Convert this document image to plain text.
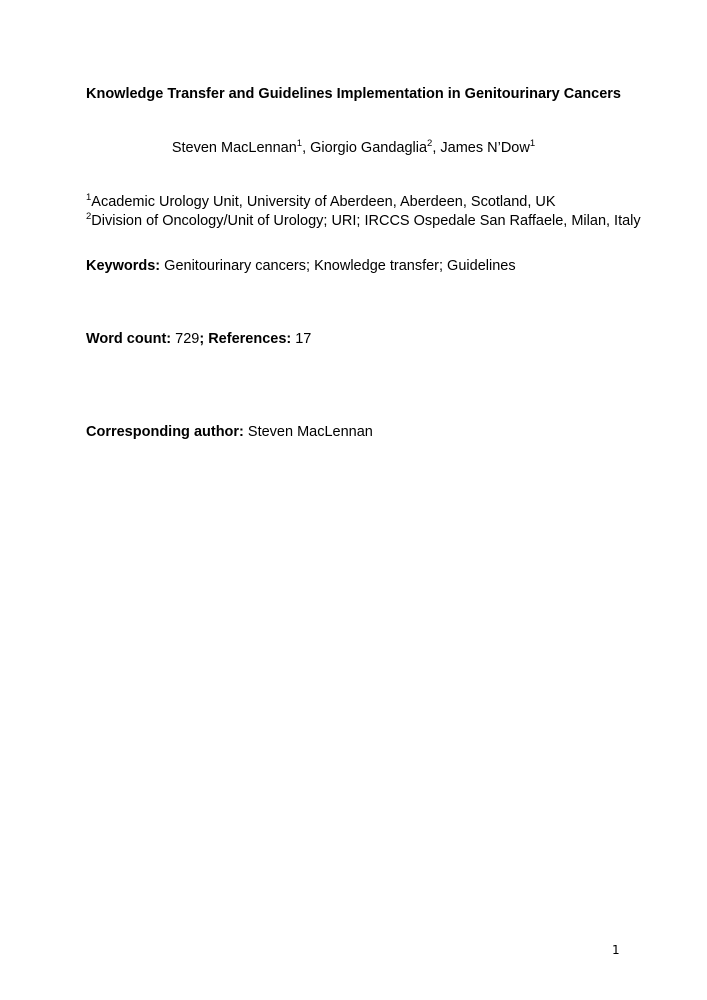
Knowledge Transfer and Guidelines Implementation in Genitourinary Cancers
Steven MacLennan$^1$, Giorgio Gandaglia$^2$, James N’Dow$^1$
$^1$Academic Urology Unit, University of Aberdeen, Aberdeen, Scotland, UK
$^2$Division of Oncology/Unit of Urology; URI; IRCCS Ospedale San Raffaele, Milan, Italy
Keywords: Genitourinary cancers; Knowledge transfer; Guidelines
Word count: 729; References: 17
Corresponding author: Steven MacLennan
1
